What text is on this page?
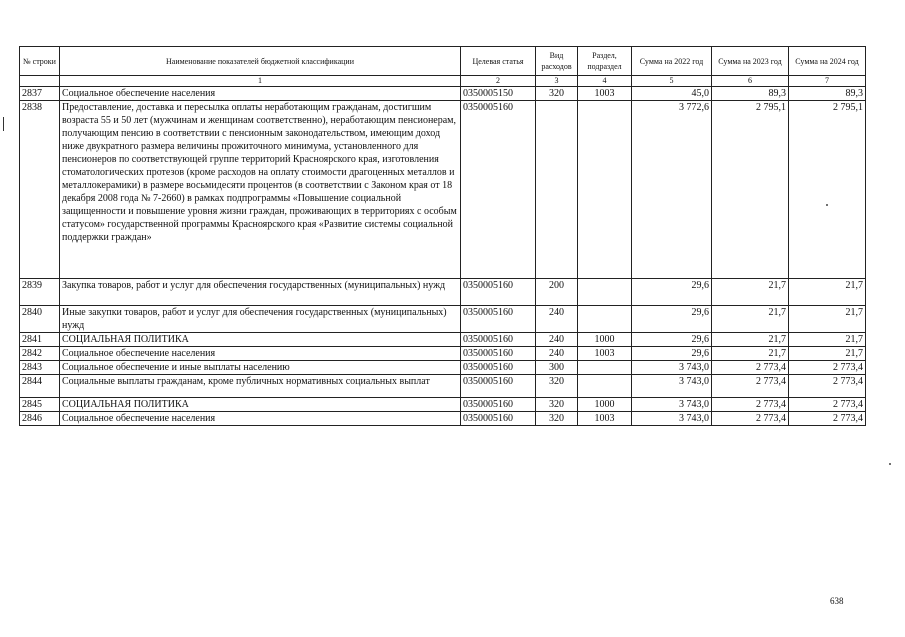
№ строки	Наименование показателей бюджетной классификации	Целевая статья	Вид расходов	Раздел, подраздел	Сумма на 2022 год	Сумма на 2023 год	Сумма на 2024 год
	1	2	3	4	5	6	7
2837	Социальное обеспечение населения	0350005150	320	1003	45,0	89,3	89,3
2838	Предоставление, доставка и пересылка оплаты неработающим гражданам, достигшим возраста 55 и 50 лет (мужчинам и женщинам соответственно), неработающим пенсионерам, получающим пенсию в соответствии с пенсионным законодательством, имеющим доход ниже двукратного размера величины прожиточного минимума, установленного для пенсионеров по соответствующей группе территорий Красноярского края, изготовления стоматологических протезов (кроме расходов на оплату стоимости драгоценных металлов и металлокерамики) в размере восьмидесяти процентов (в соответствии с Законом края от 18 декабря 2008 года № 7-2660) в рамках подпрограммы «Повышение социальной защищенности и повышение уровня жизни граждан, проживающих в территориях с особым статусом» государственной программы Красноярского края «Развитие системы социальной поддержки граждан»	0350005160			3 772,6	2 795,1	2 795,1
2839	Закупка товаров, работ и услуг для обеспечения государственных (муниципальных) нужд	0350005160	200		29,6	21,7	21,7
2840	Иные закупки товаров, работ и услуг для обеспечения государственных (муниципальных) нужд	0350005160	240		29,6	21,7	21,7
2841	СОЦИАЛЬНАЯ ПОЛИТИКА	0350005160	240	1000	29,6	21,7	21,7
2842	Социальное обеспечение населения	0350005160	240	1003	29,6	21,7	21,7
2843	Социальное обеспечение и иные выплаты населению	0350005160	300		3 743,0	2 773,4	2 773,4
2844	Социальные выплаты гражданам, кроме публичных нормативных социальных выплат	0350005160	320		3 743,0	2 773,4	2 773,4
2845	СОЦИАЛЬНАЯ ПОЛИТИКА	0350005160	320	1000	3 743,0	2 773,4	2 773,4
2846	Социальное обеспечение населения	0350005160	320	1003	3 743,0	2 773,4	2 773,4
638
